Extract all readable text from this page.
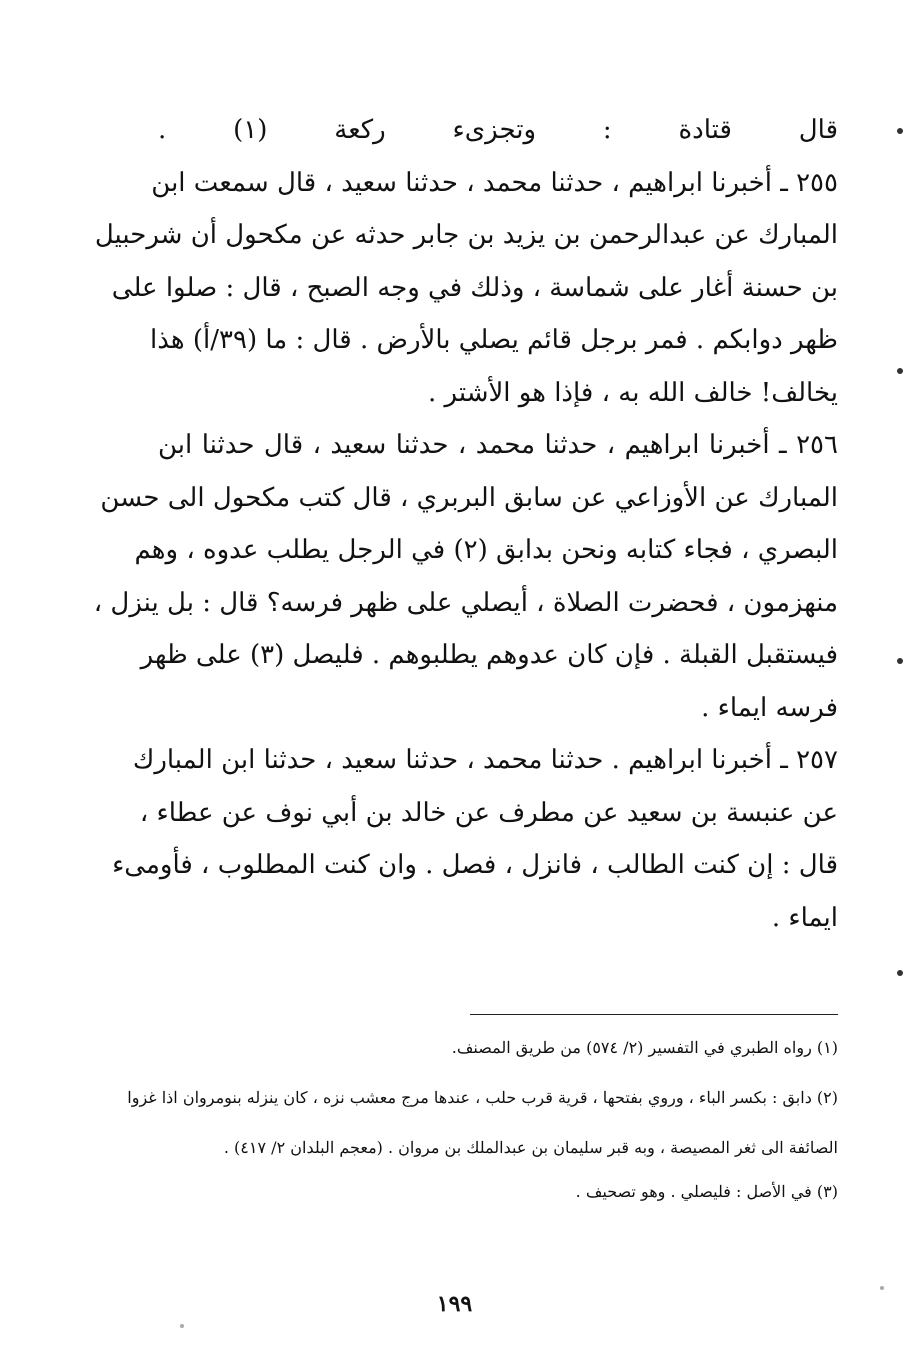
قال قتادة : وتجزىء ركعة (١) .
٢٥٥ ـ أخبرنا ابراهيم ، حدثنا محمد ، حدثنا سعيد ، قال سمعت ابن
المبارك عن عبدالرحمن بن يزيد بن جابر حدثه عن مكحول أن شرحبيل
بن حسنة أغار على شماسة ، وذلك في وجه الصبح ، قال : صلوا على
ظهر دوابكم . فمر برجل قائم يصلي بالأرض . قال : ما (٣٩/أ) هذا
يخالف! خالف الله به ، فإذا هو الأشتر .
٢٥٦ ـ أخبرنا ابراهيم ، حدثنا محمد ، حدثنا سعيد ، قال حدثنا ابن
المبارك عن الأوزاعي عن سابق البربري ، قال كتب مكحول الى حسن
البصري ، فجاء كتابه ونحن بدابق (٢) في الرجل يطلب عدوه ، وهم
منهزمون ، فحضرت الصلاة ، أيصلي على ظهر فرسه؟ قال : بل ينزل ،
فيستقبل القبلة . فإن كان عدوهم يطلبوهم . فليصل (٣) على ظهر
فرسه ايماء .
٢٥٧ ـ أخبرنا ابراهيم . حدثنا محمد ، حدثنا سعيد ، حدثنا ابن المبارك
عن عنبسة بن سعيد عن مطرف عن خالد بن أبي نوف عن عطاء ،
قال : إن كنت الطالب ، فانزل ، فصل . وان كنت المطلوب ، فأومىء
ايماء .
(١) رواه الطبري في التفسير (٢/ ٥٧٤) من طريق المصنف.
(٢) دابق : بكسر الباء ، وروي بفتحها ، قرية قرب حلب ، عندها مرج معشب نزه ، كان ينزله بنومروان اذا غزوا
الصائفة الى ثغر المصيصة ، وبه قبر سليمان بن عبدالملك بن مروان . (معجم البلدان ٢/ ٤١٧) .
(٣) في الأصل : فليصلي . وهو تصحيف .
١٩٩
